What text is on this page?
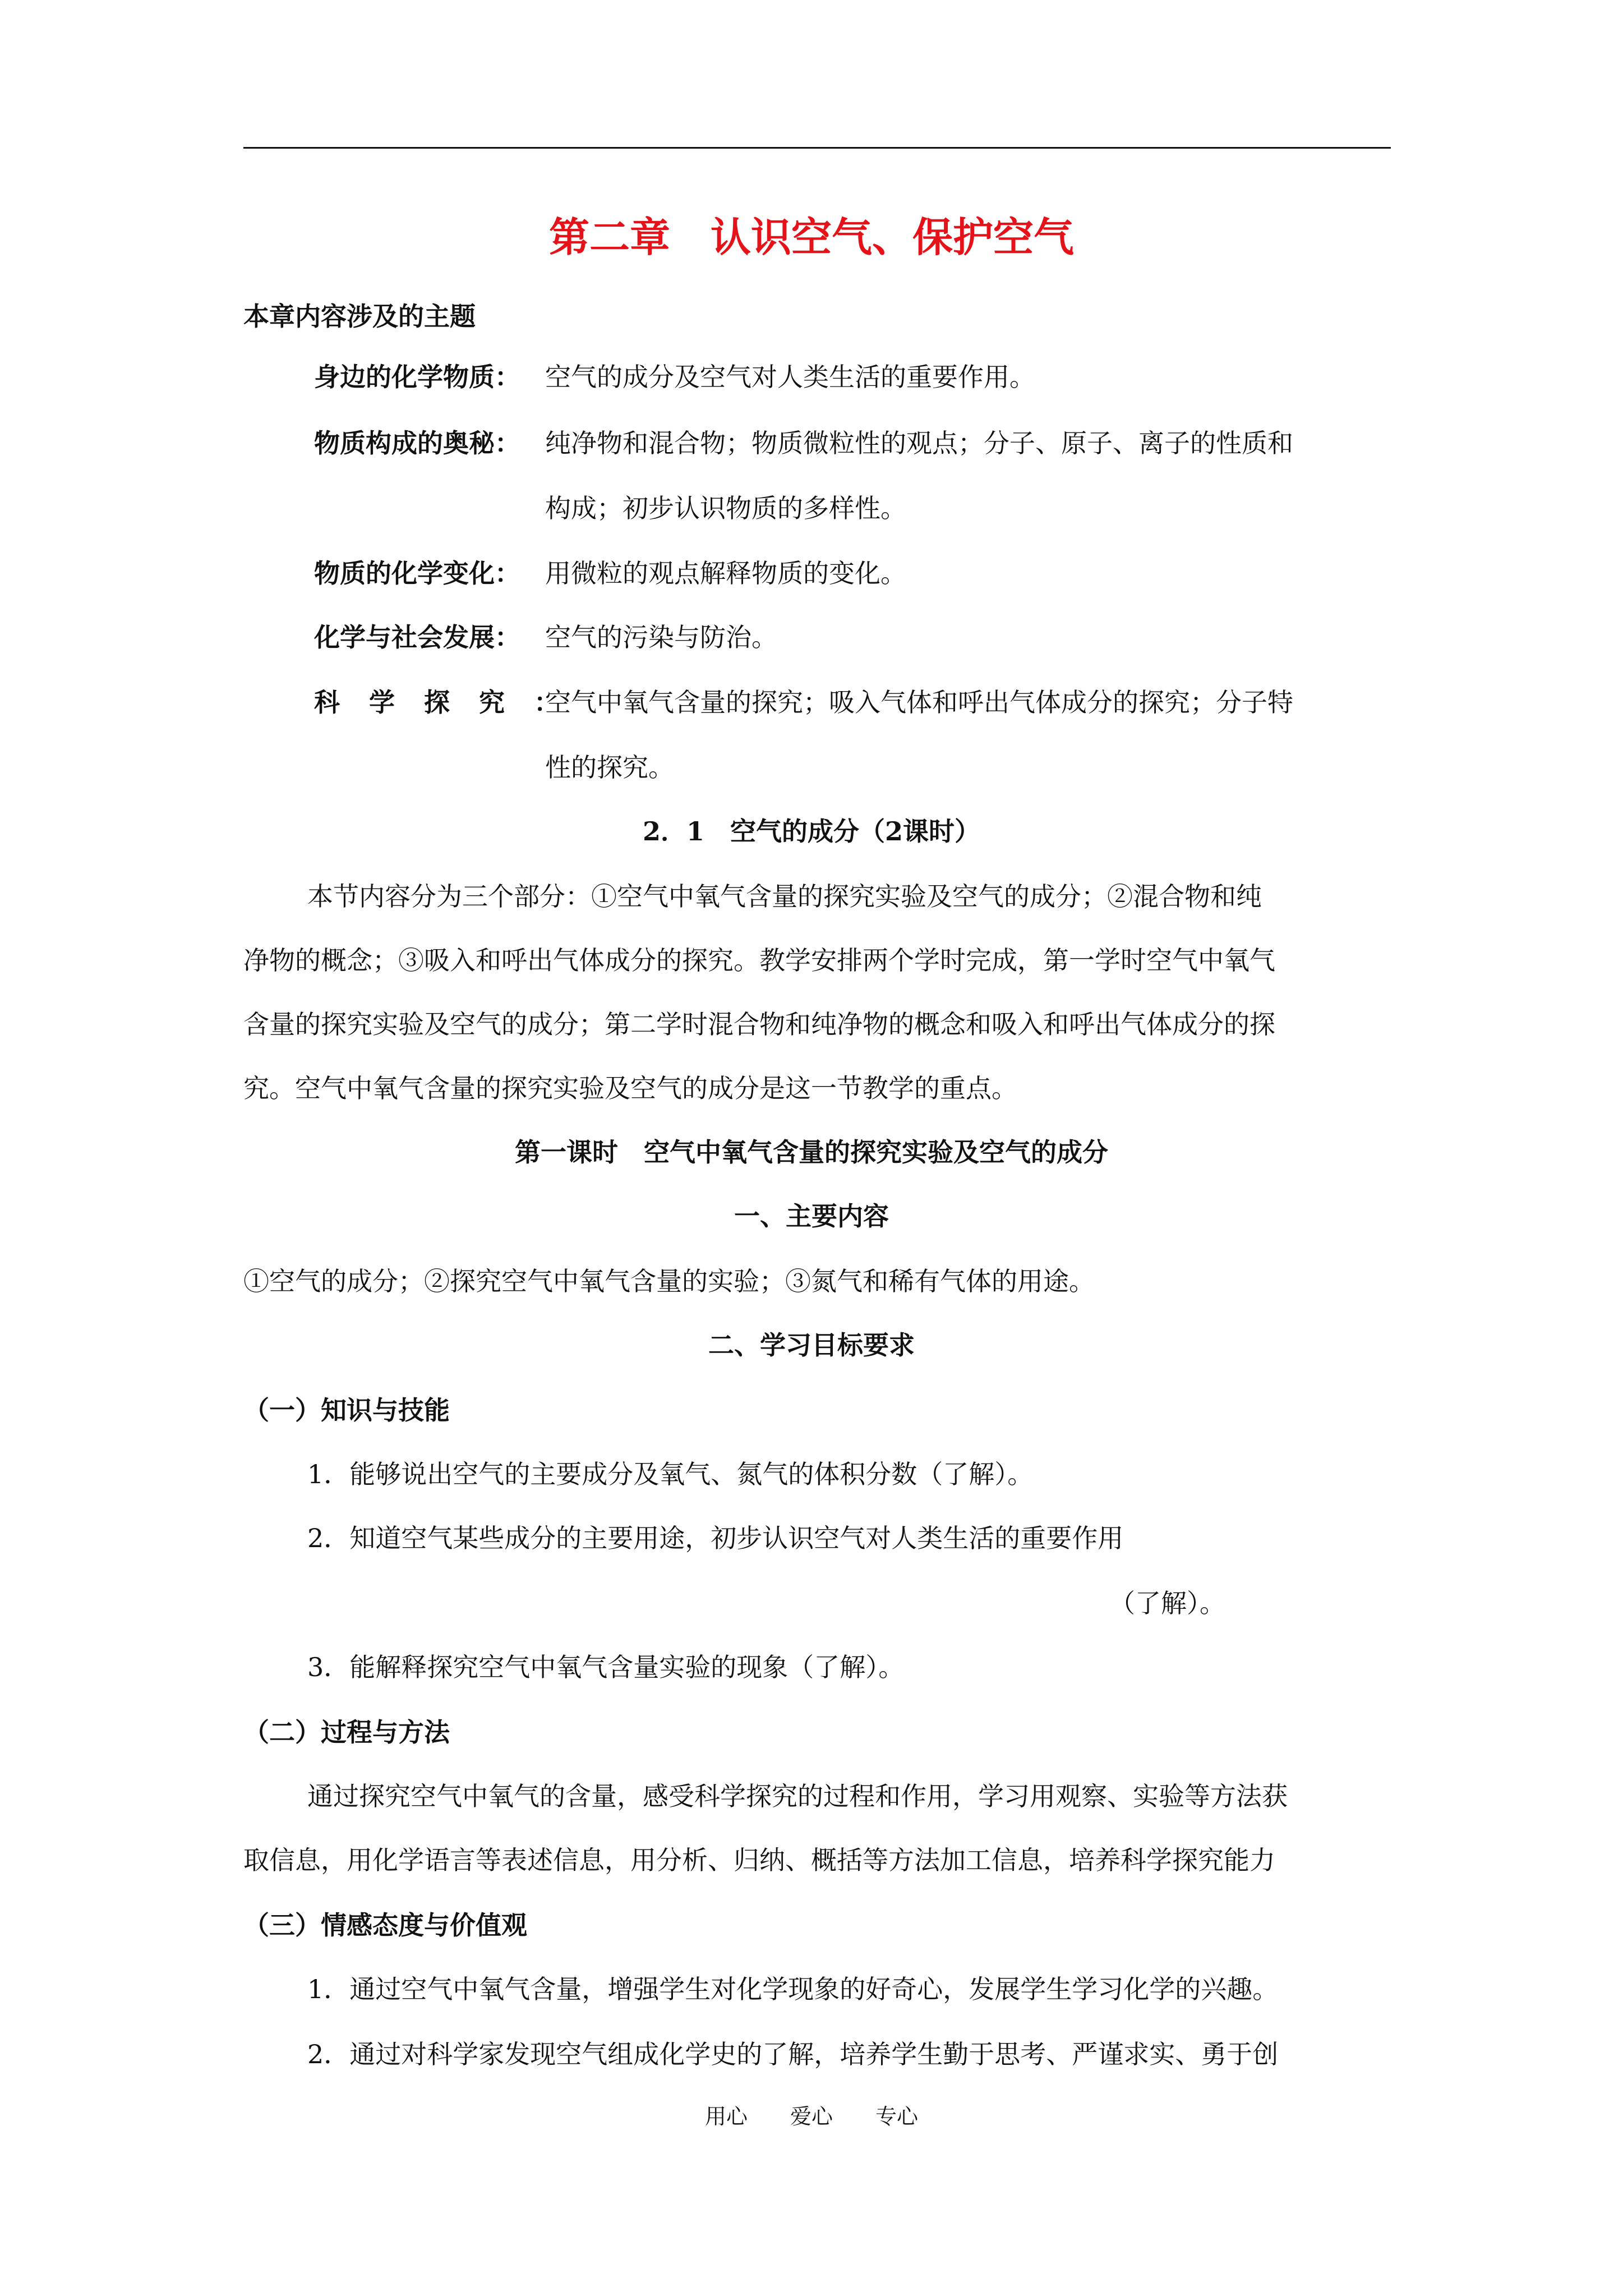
第二章　认识空气、保护空气
本章内容涉及的主题
身边的化学物质： 空气的成分及空气对人类生活的重要作用。
物质构成的奥秘： 纯净物和混合物；物质微粒性的观点；分子、原子、离子的性质和
构成；初步认识物质的多样性。
物质的化学变化： 用微粒的观点解释物质的变化。
化学与社会发展： 空气的污染与防治。
科学探究：
空气中氧气含量的探究；吸入气体和呼出气体成分的探究；分子特
性的探究。
2．1　空气的成分（2课时）
本节内容分为三个部分：①空气中氧气含量的探究实验及空气的成分；②混合物和纯
净物的概念；③吸入和呼出气体成分的探究。教学安排两个学时完成，第一学时空气中氧气
含量的探究实验及空气的成分；第二学时混合物和纯净物的概念和吸入和呼出气体成分的探
究。空气中氧气含量的探究实验及空气的成分是这一节教学的重点。
第一课时　空气中氧气含量的探究实验及空气的成分
一、主要内容
①空气的成分；②探究空气中氧气含量的实验；③氮气和稀有气体的用途。
二、学习目标要求
（一）知识与技能
1．能够说出空气的主要成分及氧气、氮气的体积分数（了解）。
2．知道空气某些成分的主要用途，初步认识空气对人类生活的重要作用
（了解）。
3．能解释探究空气中氧气含量实验的现象（了解）。
（二）过程与方法
通过探究空气中氧气的含量，感受科学探究的过程和作用，学习用观察、实验等方法获
取信息，用化学语言等表述信息，用分析、归纳、概括等方法加工信息，培养科学探究能力
（三）情感态度与价值观
1．通过空气中氧气含量，增强学生对化学现象的好奇心，发展学生学习化学的兴趣。
2．通过对科学家发现空气组成化学史的了解，培养学生勤于思考、严谨求实、勇于创
用心　　爱心　　专心
